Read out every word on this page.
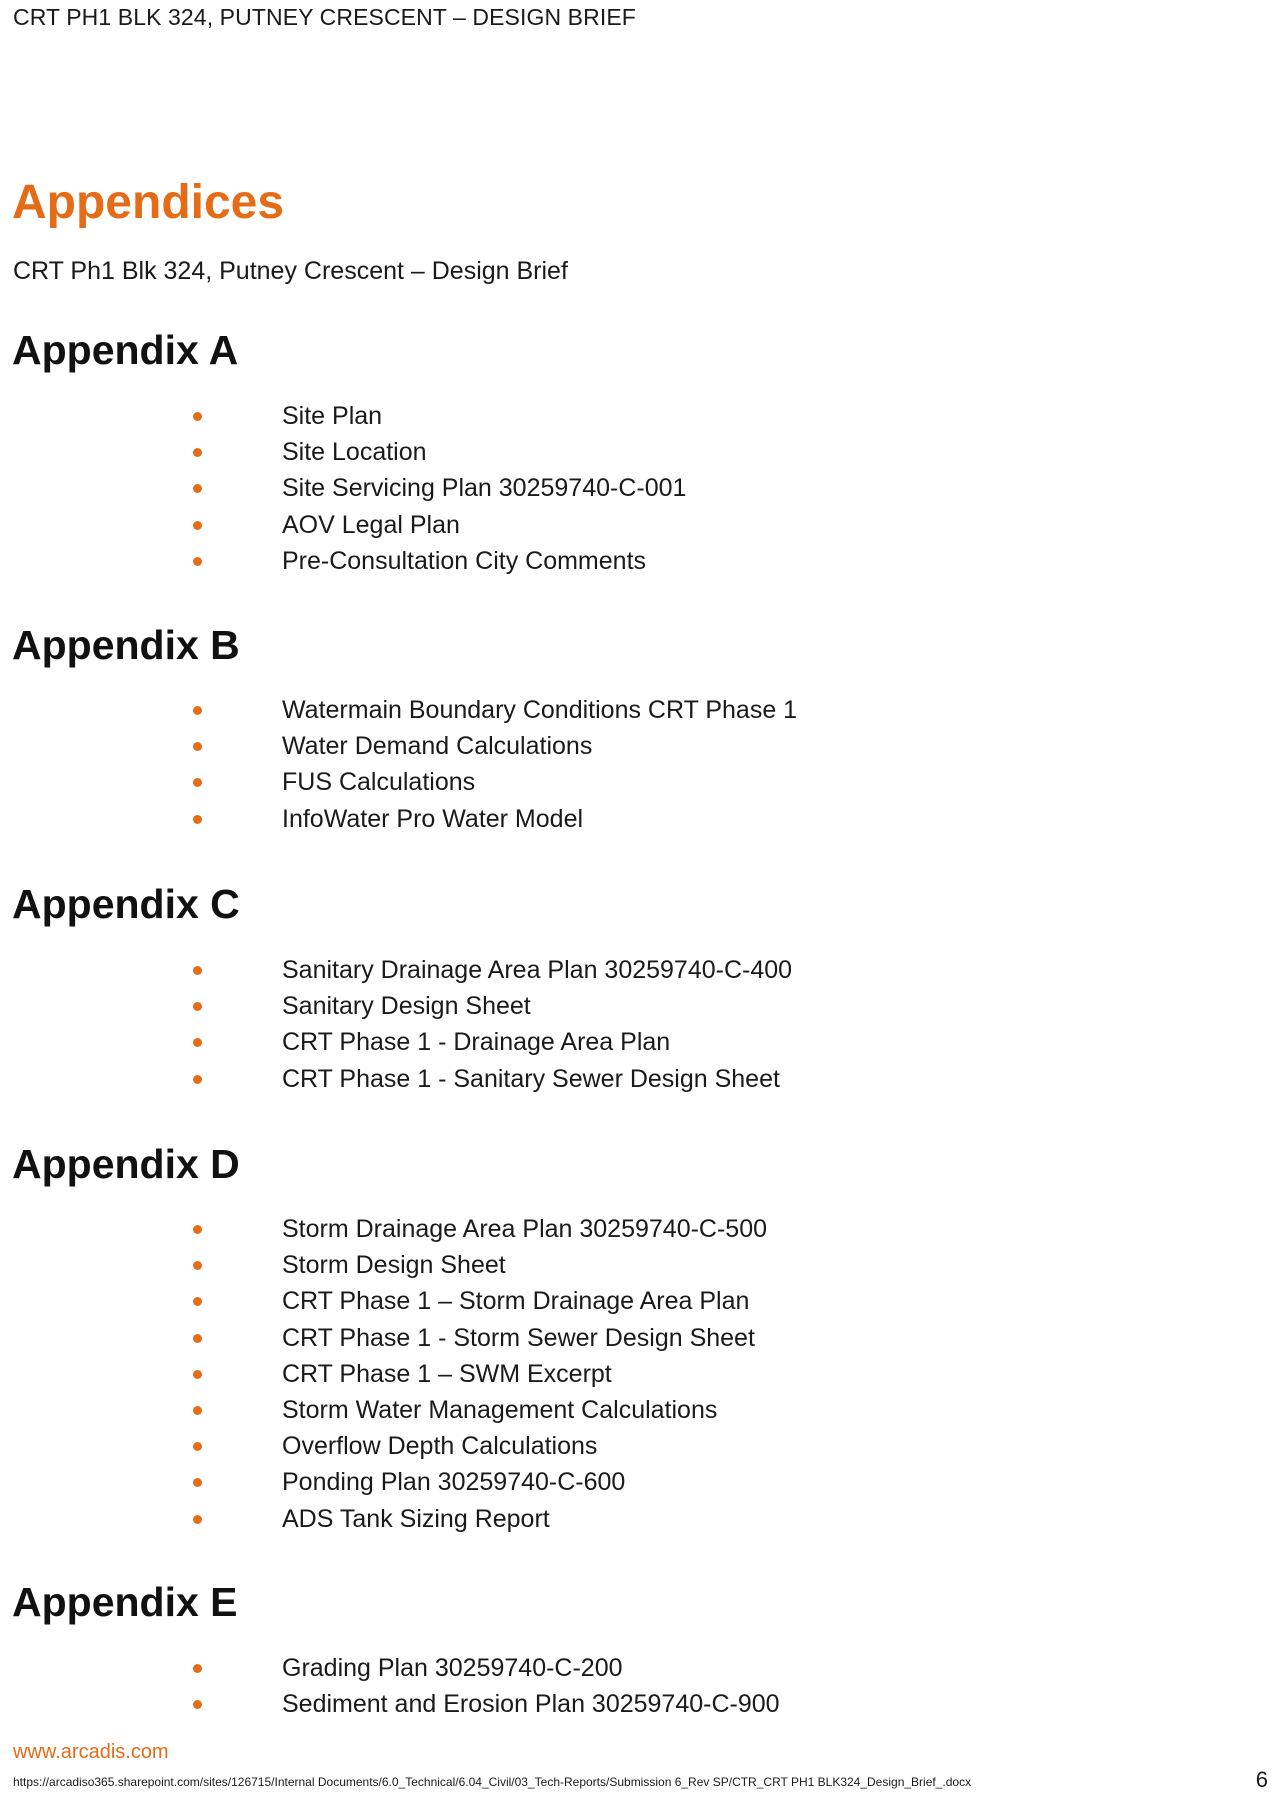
CRT PH1 BLK 324, PUTNEY CRESCENT – DESIGN BRIEF
Appendices
CRT Ph1 Blk 324, Putney Crescent – Design Brief
Appendix A
Site Plan
Site Location
Site Servicing Plan 30259740-C-001
AOV Legal Plan
Pre-Consultation City Comments
Appendix B
Watermain Boundary Conditions CRT Phase 1
Water Demand Calculations
FUS Calculations
InfoWater Pro Water Model
Appendix C
Sanitary Drainage Area Plan 30259740-C-400
Sanitary Design Sheet
CRT Phase 1 - Drainage Area Plan
CRT Phase 1 - Sanitary Sewer Design Sheet
Appendix D
Storm Drainage Area Plan 30259740-C-500
Storm Design Sheet
CRT Phase 1 – Storm Drainage Area Plan
CRT Phase 1 - Storm Sewer Design Sheet
CRT Phase 1 – SWM Excerpt
Storm Water Management Calculations
Overflow Depth Calculations
Ponding Plan 30259740-C-600
ADS Tank Sizing Report
Appendix E
Grading Plan 30259740-C-200
Sediment and Erosion Plan 30259740-C-900
www.arcadis.com
https://arcadiso365.sharepoint.com/sites/126715/Internal Documents/6.0_Technical/6.04_Civil/03_Tech-Reports/Submission 6_Rev SP/CTR_CRT PH1 BLK324_Design_Brief_.docx	6
